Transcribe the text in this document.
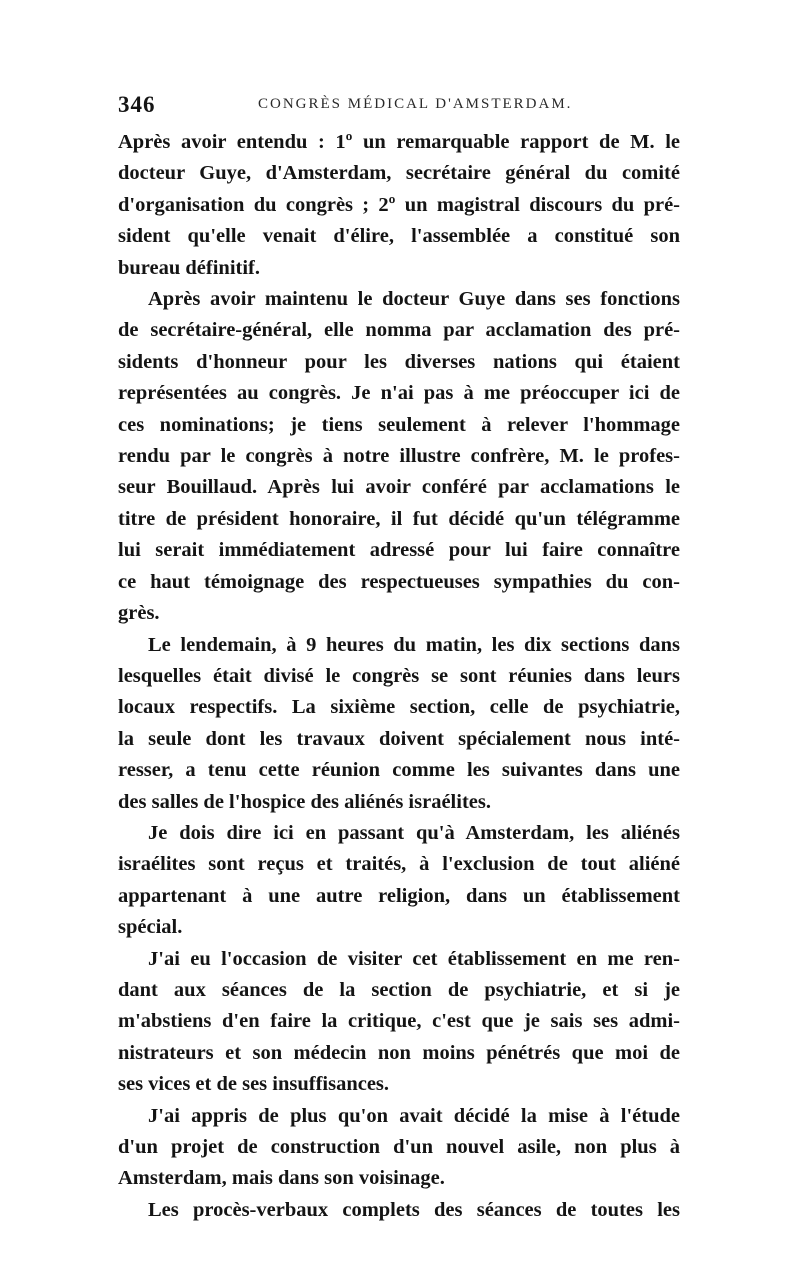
346	CONGRÈS MÉDICAL D'AMSTERDAM.
Après avoir entendu : 1º un remarquable rapport de M. le
docteur Guye, d'Amsterdam, secrétaire général du comité
d'organisation du congrès ; 2º un magistral discours du pré-
sident qu'elle venait d'élire, l'assemblée a constitué son
bureau définitif.
Après avoir maintenu le docteur Guye dans ses fonctions
de secrétaire-général, elle nomma par acclamation des pré-
sidents d'honneur pour les diverses nations qui étaient
représentées au congrès. Je n'ai pas à me préoccuper ici de
ces nominations; je tiens seulement à relever l'hommage
rendu par le congrès à notre illustre confrère, M. le profes-
seur Bouillaud. Après lui avoir conféré par acclamations le
titre de président honoraire, il fut décidé qu'un télégramme
lui serait immédiatement adressé pour lui faire connaître
ce haut témoignage des respectueuses sympathies du con-
grès.
Le lendemain, à 9 heures du matin, les dix sections dans
lesquelles était divisé le congrès se sont réunies dans leurs
locaux respectifs. La sixième section, celle de psychiatrie,
la seule dont les travaux doivent spécialement nous inté-
resser, a tenu cette réunion comme les suivantes dans une
des salles de l'hospice des aliénés israélites.
Je dois dire ici en passant qu'à Amsterdam, les aliénés
israélites sont reçus et traités, à l'exclusion de tout aliéné
appartenant à une autre religion, dans un établissement
spécial.
J'ai eu l'occasion de visiter cet établissement en me ren-
dant aux séances de la section de psychiatrie, et si je
m'abstiens d'en faire la critique, c'est que je sais ses admi-
nistrateurs et son médecin non moins pénétrés que moi de
ses vices et de ses insuffisances.
J'ai appris de plus qu'on avait décidé la mise à l'étude
d'un projet de construction d'un nouvel asile, non plus à
Amsterdam, mais dans son voisinage.
Les procès-verbaux complets des séances de toutes les
